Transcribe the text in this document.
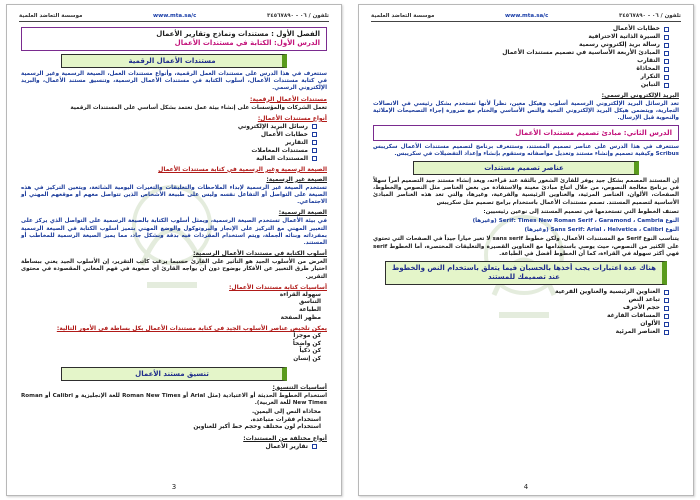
تلفون / ٠٦ - ٣٤٥٦٧٨٩٠
www.mta.sa/c
موسسة التعاضد العلمية
الفصل الأول : مستندات ونماذج وتقارير الأعمال
الدرس الأول: الكتابة في مستندات الأعمال
مستندات الأعمال الرقمية

ستتعرف في هذا الدرس على مستندات العمل الرقمية، وأنواع مستندات العمل، الصيغة الرسمية وغير الرسمية في كتابة مستندات الأعمال، أسلوب الكتابة في مستندات الأعمال الرسمية، وتنسيق مستند الأعمال، والبريد الإلكتروني الرسمي.

مستندات الأعمال الرقمية:

تعمل الشركات والمؤسسات على إنشاء بيئة عمل تعتمد بشكل أساسي على المستندات الرقمية

أنواع مستندات الأعمال:
رسائل البريد الإلكتروني
خطابات الأعمال
التقارير
مستندات المعاملات
المستندات المالية
الصيغة الرسمية وغير الرسمية في كتابة مستندات الأعمال
الصيغة غير الرسمية:

تستخدم الصيغة غير الرسمية لإبداء الملاحظات والتعليقات والتغيرات اليومية الشائعة، ويتعين التركيز في هذه الصيغة على التواصل أو التفاعل نفسه وليس على طبيعة الأشخاص الذين تتواصل معهم أو موقعهم المهني أو الاجتماعي.

الصيغة الرسمية:

في بيئة الأعمال تستخدم الصيغة الرسمية، ويمثل أسلوب الكتابة بالصيغة الرسمية على التواصل الذي يركز على التعبير المهني مع التركيز على الإنجاز والبروتوكول والوضع المهني بتميز أسلوب الكتابة في الصيغة الرسمية بمفرداته وبنائه الجملة، ويتم استخدام المفردات فيه بدقة وبشكل جاد، مما يميز الصيغة الرسمية للمخاطب أو المستند.

أسلوب الكتابة في مستندات الأعمال الرسمية:

الغرض من الأسلوب الجيد هو التأثير على القارئ حسبما يرغب كاتب التقرير، إن الأسلوب الجيد يعني ببساطة اختيار طرق التعبير عن الأفكار بوضوح دون أن يواجه القارئ أي صعوبة في فهم المعاني المقصودة في محتوى التقرير.

أساسيات كتابة مستندات الأعمال:
سهولة القراءة
التناسق
الطباعة
مظهر الصفحة
يمكن تلخيص عناصر الأسلوب الجيد في كتابة مستندات الأعمال بكل بساطة في الأمور التالية:
كن موجزاً
كن واضحاً
كن ذكياً
كن إنسان
تنسيق مستند الأعمال
أساسيات التنسيق:

استخدام الخطوط الحديثة أو الاعتيادية (مثل Arial أو Roman New Times للغة الإنجليزية و Calibri أو Roman New Times للغة العربية).

محاذاة النص إلى اليمين.
استخدام فقرات متباعدة.
استخدام لون مختلف وحجم خط أكبر للعناوين
أنواع مختلفة من المستندات:
تقارير الأعمال
3
تلفون / ٠٦ - ٣٤٥٦٧٨٩٠
www.mta.sa/c
موسسة التعاضد العلمية
خطابات الأعمال
السيرة الذاتية الاحترافية
رسالة بريد إلكتروني رسمية
المبادئ الأربعة الأساسية في تصميم مستندات الأعمال
التقارب
المحاذاة
التكرار
التباين
البريد الإلكتروني الرسمي:

تعد الرسائل البريد الإلكتروني الرسمية أسلوب وهيكل معين، نظراً لأنها تستخدم بشكل رئيسي في الاتصالات التجارية، ويتضمن هيكل البريد الإلكتروني التحية والنص الأساسي والختام مع ضرورة إجراء التصحيحات الإملائية والنحوية قبل الإرسال.

الدرس الثاني: مبادئ تصميم مستندات الأعمال

ستتعرف في هذا الدرس على عناصر تصميم المستند، وستتعرف برنامج لتصميم مستندات الأعمال سكريبس Scribus وكيفية تصميم وإنشاء مستند وتعديل مواصفاته وستقوم بإنشاء وإعداد التفضيلات في سكريبس.

عناصر تصميم مستندات

إن المستند المصمم بشكل جيد يوفر للقارئ الشعور بالثقة عند قراءته، ويعد إنشاء مستند جيد التصميم أمراً سهلاً في برنامج معالجة النصوص، من خلال اتباع مبادئ معينة والاستفادة من بعض العناصر مثل النصوص والخطوط، الصفحات، الألوان، العناصر المرئية، والعناوين الرئيسية والفرعية، وغيرها، والتي تعد هذه العناصر المبادئ الأساسية لتصميم المستند. تصمم مستندات الأعمال باستخدام برامج تصميم مثل سكريبس

تصنف الخطوط التي تستخدمها في تصميم المستند إلى نوعين رئيسيين:

النوع Serif: Times New Roman Serif ، Garamond ، Cambria (وغيرها)

النوع Sans Serif: Arial ، Helvetica ، Calibri (وغيرها)

يتناسب النوع Serif مع المستندات الأعمال، ولكن خطوط sans serif لا تعبر خياراً جيداً في الصفحات التي تحتوي على الكثير من النصوص، حيث يوصي باستخدامها مع العناوين القصيرة والتعليقات المختصرة، أما الخطوط serif فهي أكثر سهولة في القراءة، كما أن الخطوط أفضل في الطباعة.

هناك عدة اعتبارات يجب أخذها بالحسبان فيما يتعلق باستخدام النص والخطوط عند تصميمك للمستند
العناوين الرئيسية والعناوين الفرعية
تباعد النص
حجم الأحرف
المسافات الفارغة
الألوان
العناصر المرئية
4
